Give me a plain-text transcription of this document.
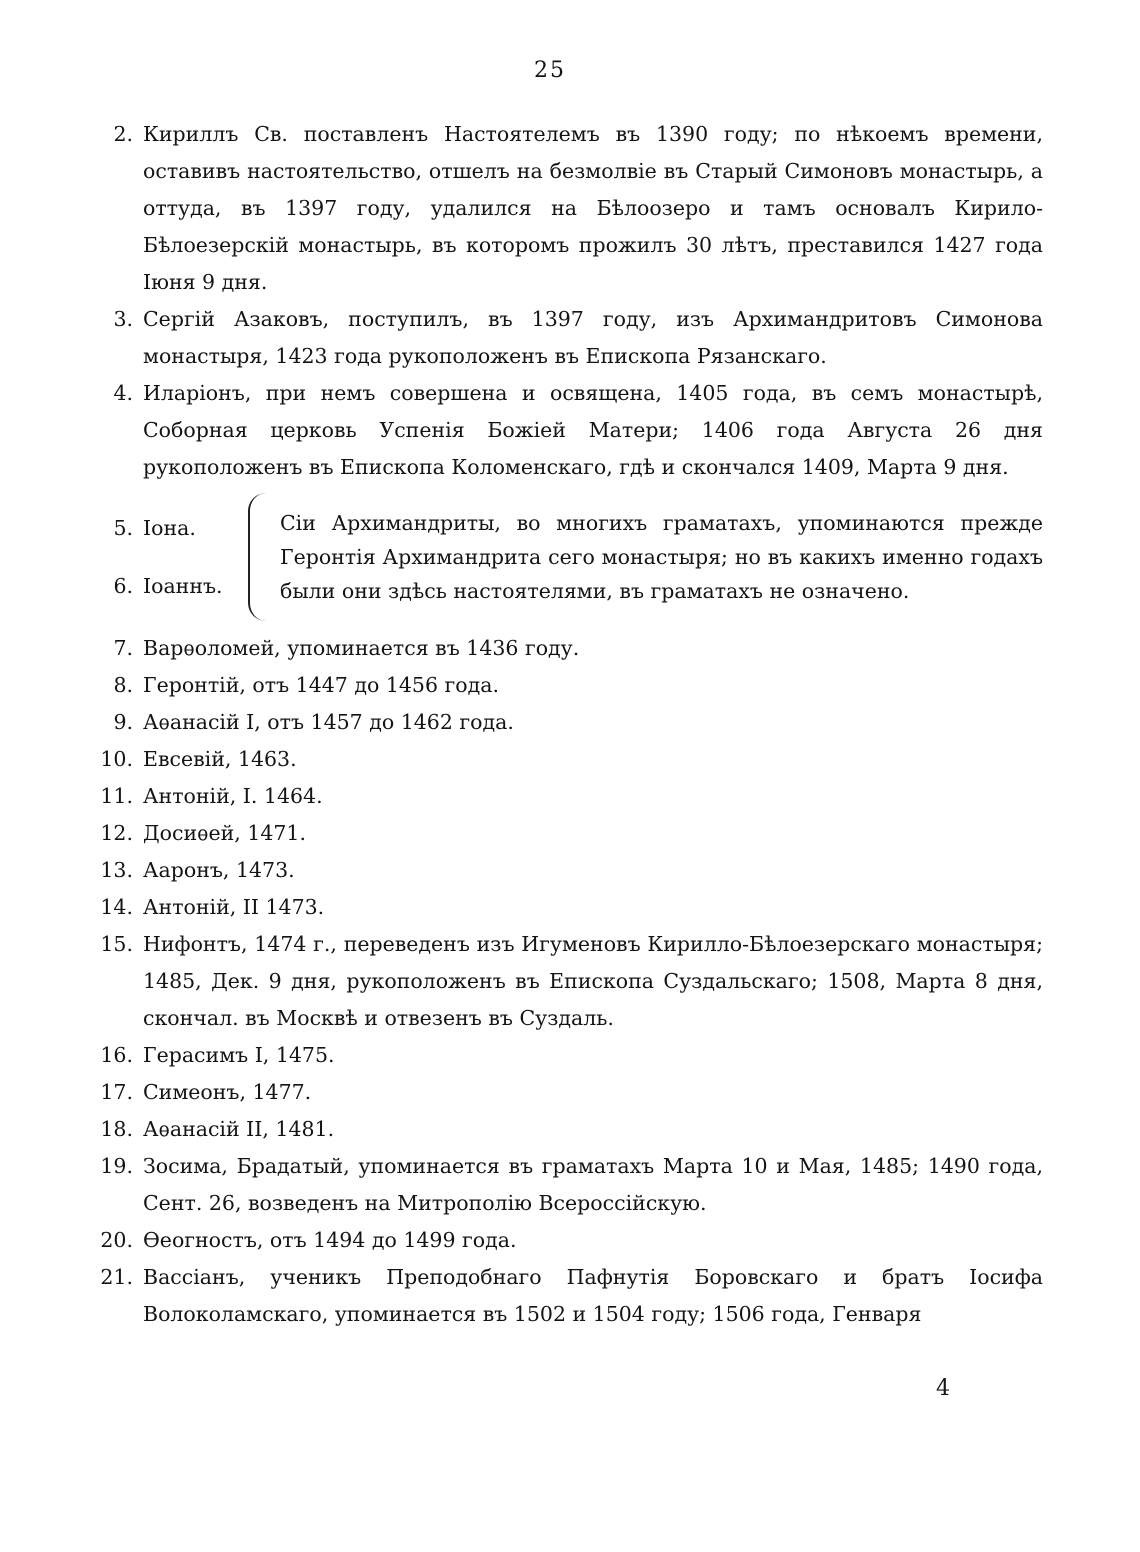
25
2. Кириллъ Св. поставленъ Настоятелемъ въ 1390 году; по нѣкоемъ времени, оставивъ настоятельство, отшелъ на безмолвіе въ Старый Симоновъ монастырь, а оттуда, въ 1397 году, удалился на Бѣлоозеро и тамъ основалъ Кирило-Бѣлоезерскій монастырь, въ которомъ прожилъ 30 лѣтъ, преставился 1427 года Іюня 9 дня.
3. Сергій Азаковъ, поступилъ, въ 1397 году, изъ Архимандритовъ Симонова монастыря, 1423 года рукоположенъ въ Епископа Рязанскаго.
4. Иларіонъ, при немъ совершена и освящена, 1405 года, въ семъ монастырѣ, Соборная церковь Успенія Божіей Матери; 1406 года Августа 26 дня рукоположенъ въ Епископа Коломенскаго, гдѣ и скончался 1409, Марта 9 дня.
5. Іона.
6. Іоаннъ.
Сіи Архимандриты, во многихъ граматахъ, упоминаются прежде Геронтія Архимандрита сего монастыря; но въ какихъ именно годахъ были они здѣсь настоятелями, въ граматахъ не означено.
7. Варѳоломей, упоминается въ 1436 году.
8. Геронтій, отъ 1447 до 1456 года.
9. Аѳанасій I, отъ 1457 до 1462 года.
10. Евсевій, 1463.
11. Антоній, I. 1464.
12. Досиѳей, 1471.
13. Ааронъ, 1473.
14. Антоній, II 1473.
15. Нифонтъ, 1474 г., переведенъ изъ Игуменовъ Кирилло-Бѣлоезерскаго монастыря; 1485, Дек. 9 дня, рукоположенъ въ Епископа Суздальскаго; 1508, Марта 8 дня, скончал. въ Москвѣ и отвезенъ въ Суздаль.
16. Герасимъ I, 1475.
17. Симеонъ, 1477.
18. Аѳанасій II, 1481.
19. Зосима, Брадатый, упоминается въ граматахъ Марта 10 и Мая, 1485; 1490 года, Сент. 26, возведенъ на Митрополію Всероссійскую.
20. Ѳеогностъ, отъ 1494 до 1499 года.
21. Вассіанъ, ученикъ Преподобнаго Пафнутія Боровскаго и братъ Іосифа Волоколамскаго, упоминается въ 1502 и 1504 году; 1506 года, Генваря
4
